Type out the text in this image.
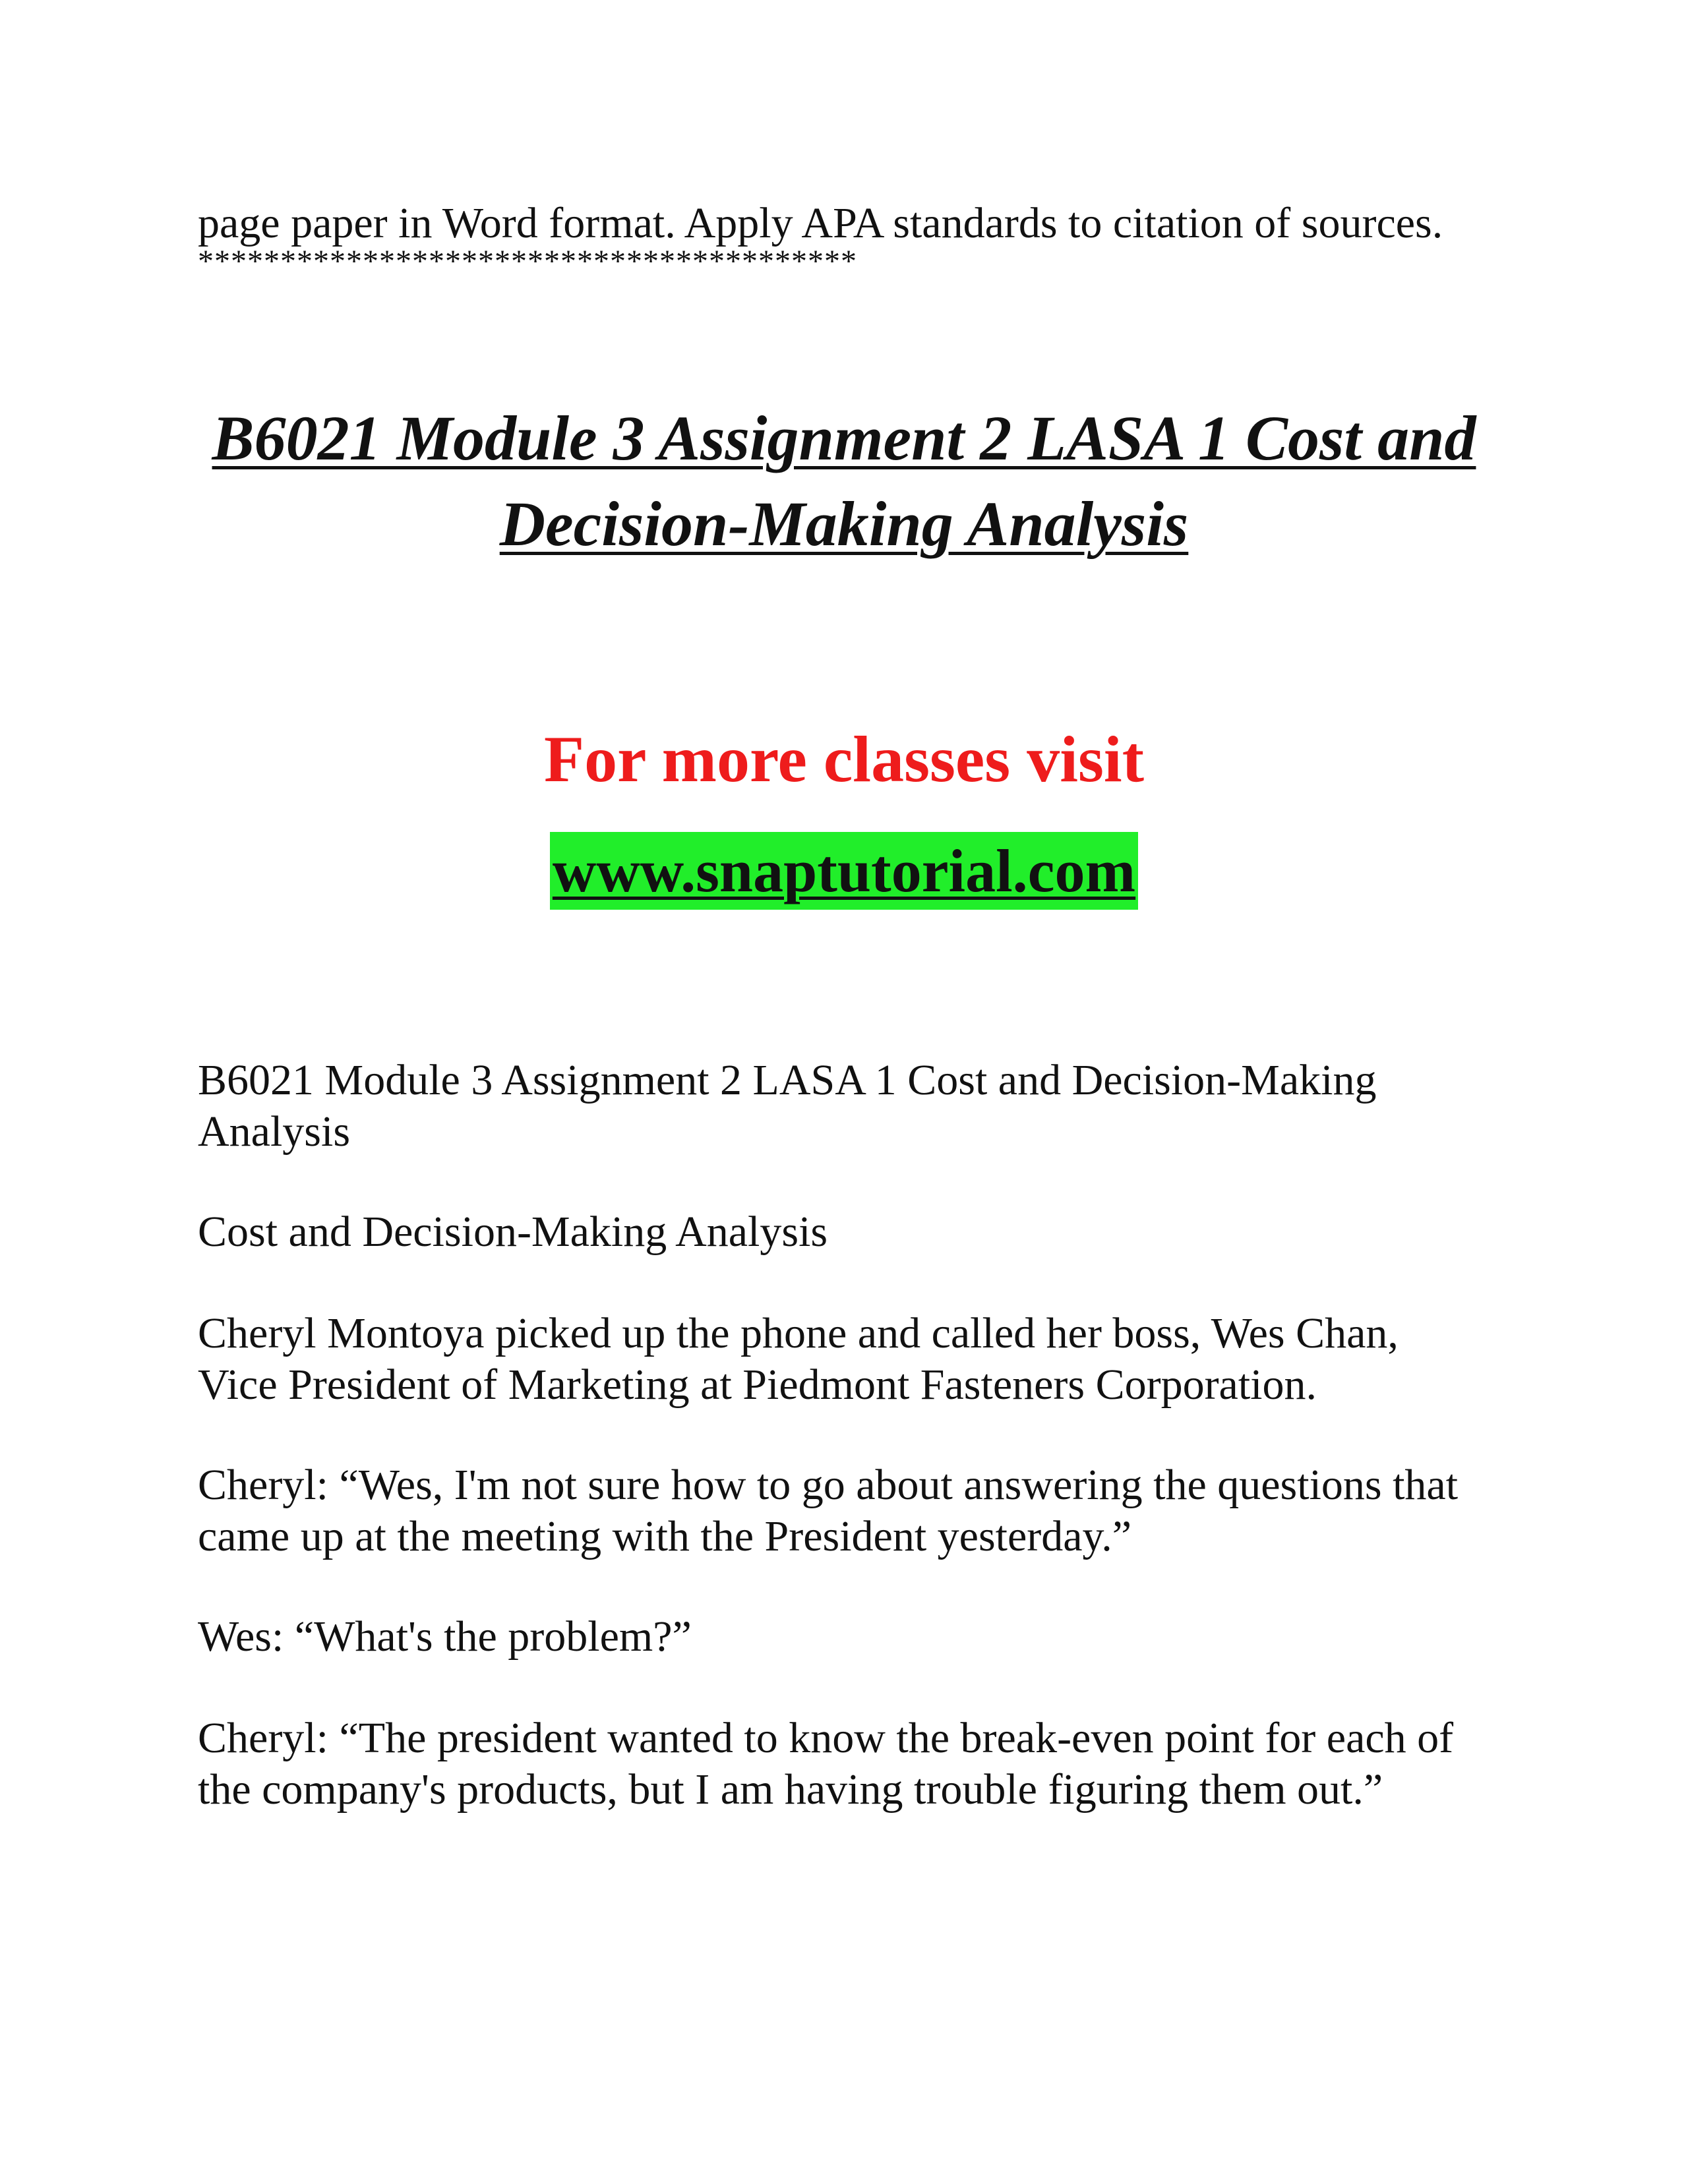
page paper in Word format. Apply APA standards to citation of sources.
****************************************
B6021 Module 3 Assignment 2 LASA 1 Cost and
Decision-Making Analysis
For more classes visit
www.snaptutorial.com
B6021 Module 3 Assignment 2 LASA 1 Cost and Decision-Making
Analysis
Cost and Decision-Making Analysis
Cheryl Montoya picked up the phone and called her boss, Wes Chan,
Vice President of Marketing at Piedmont Fasteners Corporation.
Cheryl: “Wes, I'm not sure how to go about answering the questions that
came up at the meeting with the President yesterday.”
Wes: “What's the problem?”
Cheryl: “The president wanted to know the break-even point for each of
the company's products, but I am having trouble figuring them out.”
